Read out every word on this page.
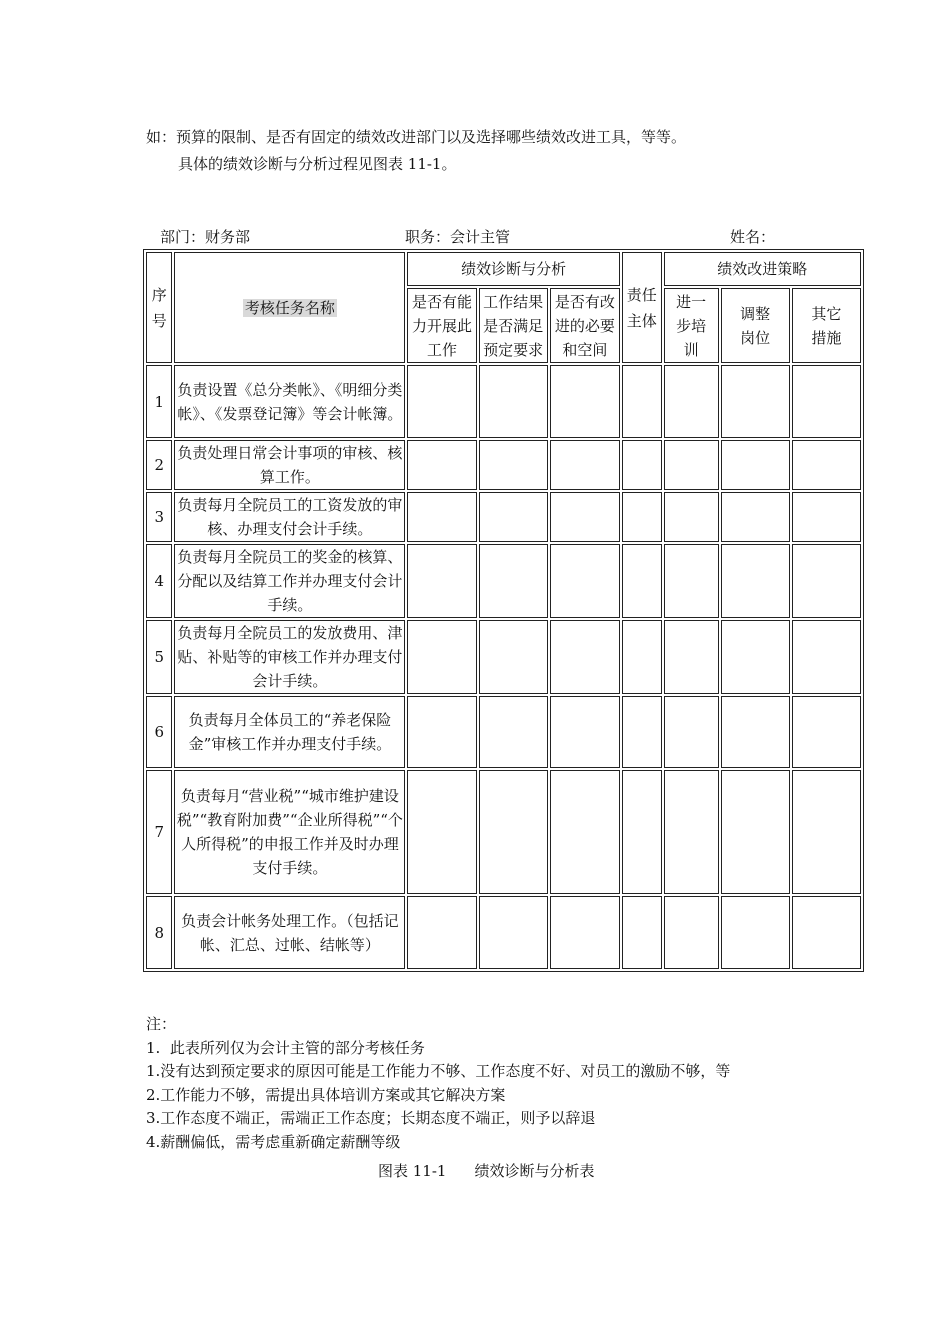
如：预算的限制、是否有固定的绩效改进部门以及选择哪些绩效改进工具，等等。
具体的绩效诊断与分析过程见图表 11-1。
部门：财务部	职务：会计主管	姓名：
序号	考核任务名称	绩效诊断与分析			责任主体	绩效改进策略		
		是否有能力开展此工作	工作结果是否满足预定要求	是否有改进的必要和空间		进一步培训	调整岗位	其它措施
1	负责设置《总分类帐》、《明细分类帐》、《发票登记簿》等会计帐簿。							
2	负责处理日常会计事项的审核、核算工作。							
3	负责每月全院员工的工资发放的审核、办理支付会计手续。							
4	负责每月全院员工的奖金的核算、分配以及结算工作并办理支付会计手续。							
5	负责每月全院员工的发放费用、津贴、补贴等的审核工作并办理支付会计手续。							
6	负责每月全体员工的“养老保险金”审核工作并办理支付手续。							
7	负责每月“营业税”“城市维护建设税”“教育附加费”“企业所得税”“个人所得税”的申报工作并及时办理支付手续。							
8	负责会计帐务处理工作。（包括记帐、汇总、过帐、结帐等）							
注：
1.  此表所列仅为会计主管的部分考核任务
1.没有达到预定要求的原因可能是工作能力不够、工作态度不好、对员工的激励不够，等
2.工作能力不够，需提出具体培训方案或其它解决方案
3.工作态度不端正，需端正工作态度；长期态度不端正，则予以辞退
4.薪酬偏低，需考虑重新确定薪酬等级
图表 11-1 绩效诊断与分析表
